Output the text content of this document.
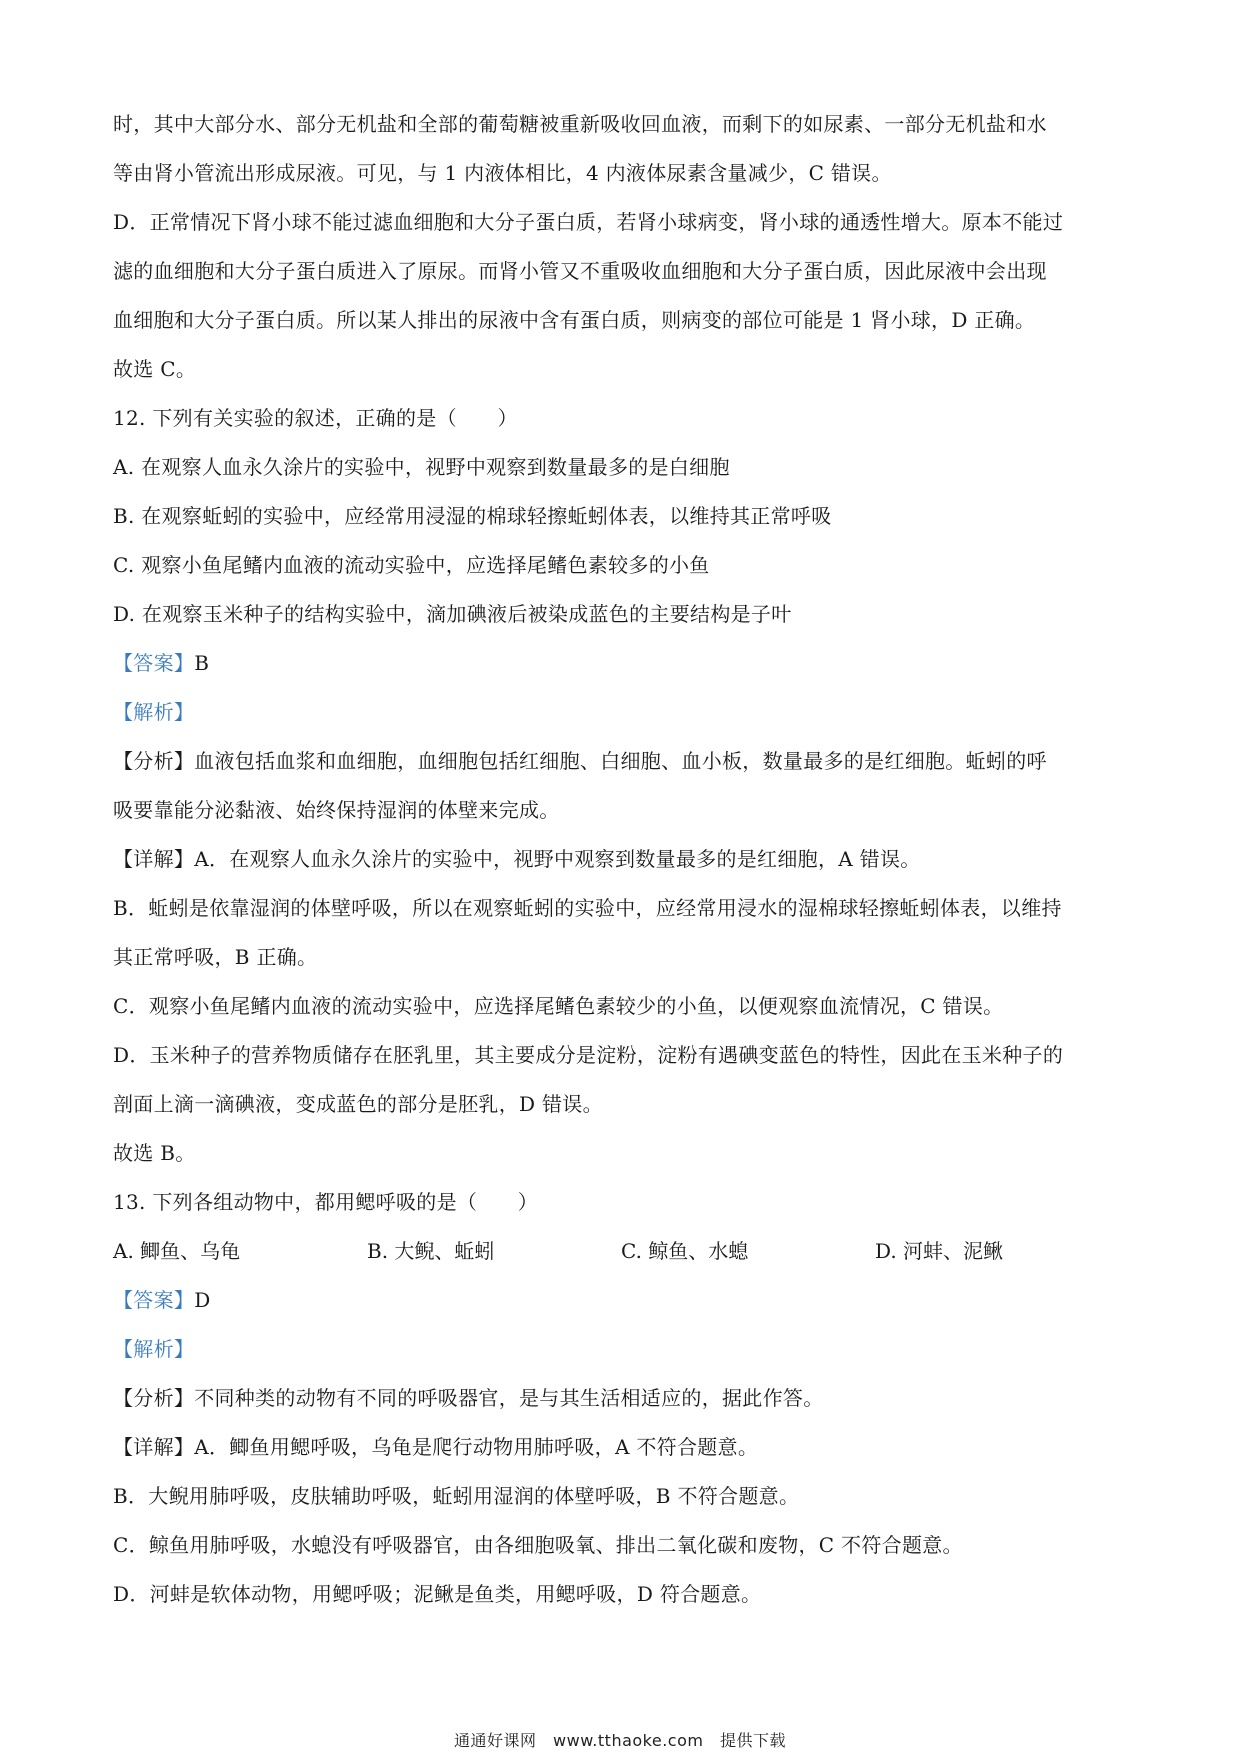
时，其中大部分水、部分无机盐和全部的葡萄糖被重新吸收回血液，而剩下的如尿素、一部分无机盐和水
等由肾小管流出形成尿液。可见，与 1 内液体相比，4 内液体尿素含量减少，C 错误。
D．正常情况下肾小球不能过滤血细胞和大分子蛋白质，若肾小球病变，肾小球的通透性增大。原本不能过
滤的血细胞和大分子蛋白质进入了原尿。而肾小管又不重吸收血细胞和大分子蛋白质，因此尿液中会出现
血细胞和大分子蛋白质。所以某人排出的尿液中含有蛋白质，则病变的部位可能是 1 肾小球，D 正确。
故选 C。
12. 下列有关实验的叙述，正确的是（　　）
A. 在观察人血永久涂片的实验中，视野中观察到数量最多的是白细胞
B. 在观察蚯蚓的实验中，应经常用浸湿的棉球轻擦蚯蚓体表，以维持其正常呼吸
C. 观察小鱼尾鳍内血液的流动实验中，应选择尾鳍色素较多的小鱼
D. 在观察玉米种子的结构实验中，滴加碘液后被染成蓝色的主要结构是子叶
【答案】B
【解析】
【分析】血液包括血浆和血细胞，血细胞包括红细胞、白细胞、血小板，数量最多的是红细胞。蚯蚓的呼
吸要靠能分泌黏液、始终保持湿润的体壁来完成。
【详解】A．在观察人血永久涂片的实验中，视野中观察到数量最多的是红细胞，A 错误。
B．蚯蚓是依靠湿润的体壁呼吸，所以在观察蚯蚓的实验中，应经常用浸水的湿棉球轻擦蚯蚓体表，以维持
其正常呼吸，B 正确。
C．观察小鱼尾鳍内血液的流动实验中，应选择尾鳍色素较少的小鱼，以便观察血流情况，C 错误。
D．玉米种子的营养物质储存在胚乳里，其主要成分是淀粉，淀粉有遇碘变蓝色的特性，因此在玉米种子的
剖面上滴一滴碘液，变成蓝色的部分是胚乳，D 错误。
故选 B。
13. 下列各组动物中，都用鳃呼吸的是（　　）
A. 鲫鱼、乌龟	B. 大鲵、蚯蚓	C. 鲸鱼、水螅	D. 河蚌、泥鳅
【答案】D
【解析】
【分析】不同种类的动物有不同的呼吸器官，是与其生活相适应的，据此作答。
【详解】A．鲫鱼用鳃呼吸，乌龟是爬行动物用肺呼吸，A 不符合题意。
B．大鲵用肺呼吸，皮肤辅助呼吸，蚯蚓用湿润的体壁呼吸，B 不符合题意。
C．鲸鱼用肺呼吸，水螅没有呼吸器官，由各细胞吸氧、排出二氧化碳和废物，C 不符合题意。
D．河蚌是软体动物，用鳃呼吸；泥鳅是鱼类，用鳃呼吸，D 符合题意。
通通好课网　www.tthaoke.com　提供下载
